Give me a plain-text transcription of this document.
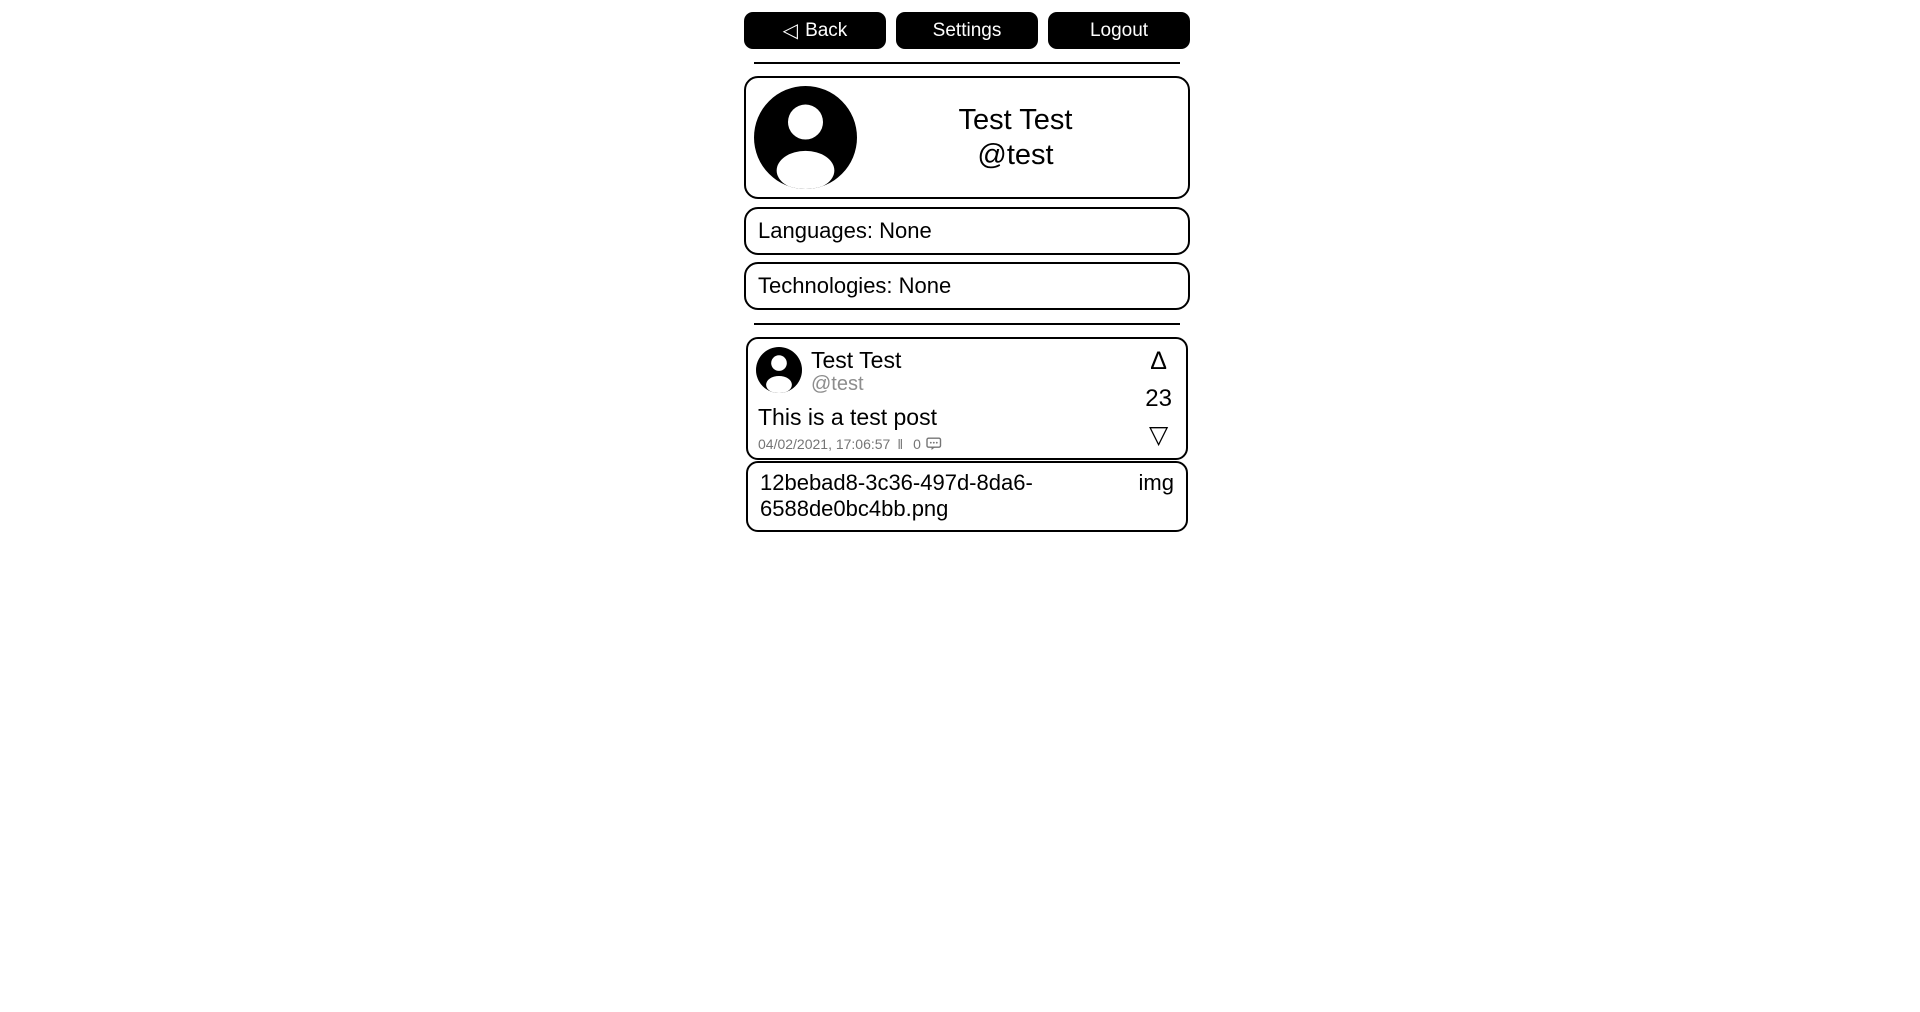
◁ Back	Settings	Logout
Test Test
@test
Languages: None
Technologies: None
Test Test
@test
This is a test post
04/02/2021, 17:06:57 ‖ 0
Δ
23
▽
12bebad8-3c36-497d-8da6-6588de0bc4bb.png
img
